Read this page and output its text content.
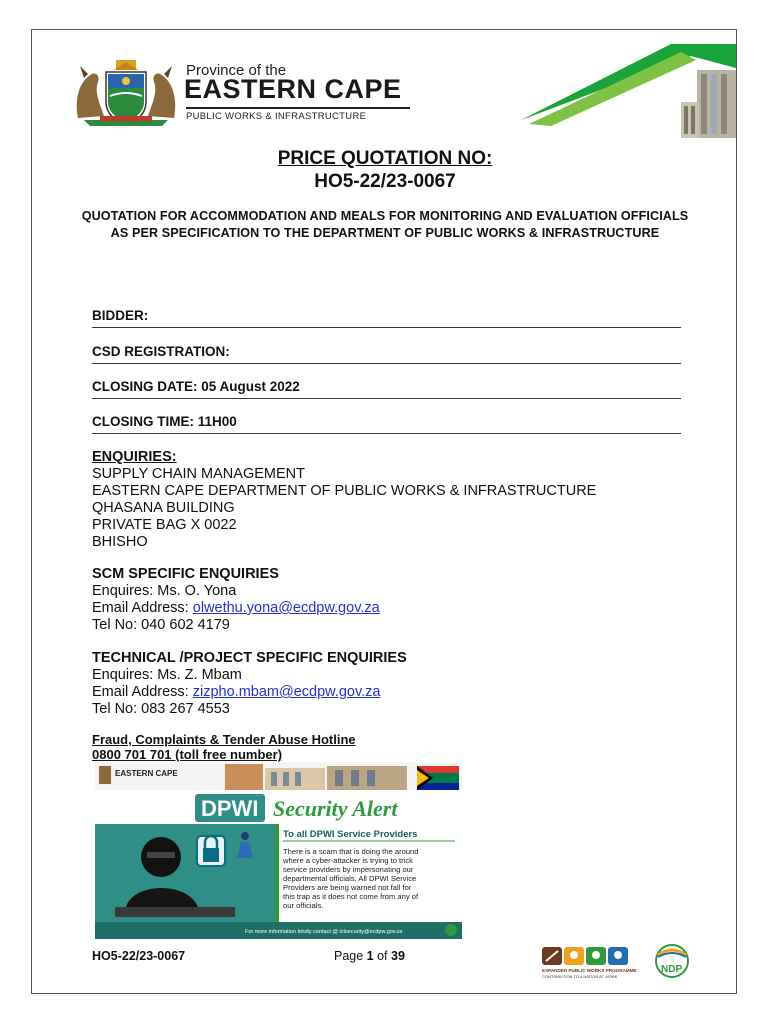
Province of the
EASTERN CAPE
PUBLIC WORKS & INFRASTRUCTURE
PRICE QUOTATION NO:
HO5-22/23-0067
QUOTATION FOR ACCOMMODATION AND MEALS FOR MONITORING AND EVALUATION OFFICIALS AS PER SPECIFICATION TO THE DEPARTMENT OF PUBLIC WORKS & INFRASTRUCTURE
BIDDER:
CSD REGISTRATION:
CLOSING DATE: 05 August 2022
CLOSING TIME: 11H00
ENQUIRIES:
SUPPLY CHAIN MANAGEMENT
EASTERN CAPE DEPARTMENT OF PUBLIC WORKS & INFRASTRUCTURE
QHASANA BUILDING
PRIVATE BAG X 0022
BHISHO
SCM SPECIFIC ENQUIRIES
Enquires: Ms. O. Yona
Email Address: olwethu.yona@ecdpw.gov.za
Tel No: 040 602 4179
TECHNICAL /PROJECT SPECIFIC ENQUIRIES
Enquires: Ms. Z. Mbam
Email Address: zizpho.mbam@ecdpw.gov.za
Tel No: 083 267 4553
Fraud, Complaints & Tender Abuse Hotline
0800 701 701 (toll free number)
EASTERN CAPE
DPWI Security Alert
To all DPWI Service Providers
There is a scam that is doing the around where a cyber-attacker is trying to trick service providers by impersonating our departmental officials. All DPWI Service Providers are being warned not fall for this trap as it does not come from any of our officials.
For more information kindly contact @ ictsecurity@ecdpw.gov.za
HO5-22/23-0067	Page 1 of 39
EXPANDED PUBLIC WORKS PROGRAMME
CONTRIBUTION TO A NATION AT WORK
NDP
